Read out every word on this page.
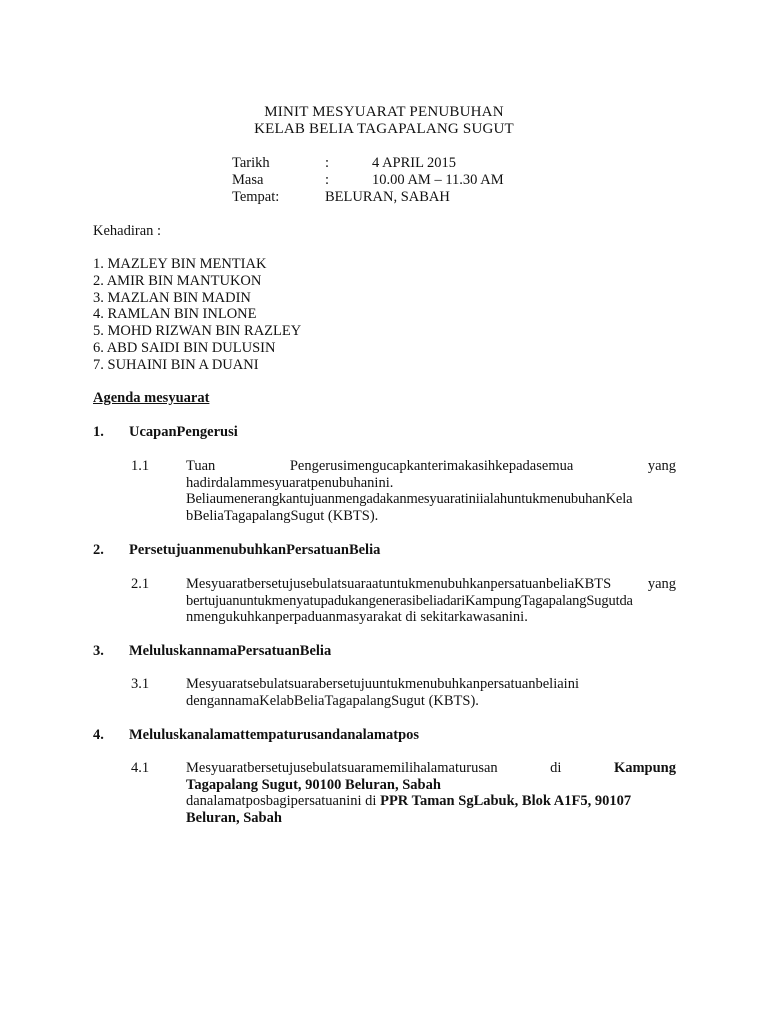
MINIT MESYUARAT PENUBUHAN
KELAB BELIA TAGAPALANG SUGUT
Tarikh	:	4 APRIL 2015
Masa	:	10.00 AM – 11.30 AM
Tempat:	BELURAN, SABAH
Kehadiran :
1. MAZLEY BIN MENTIAK
2. AMIR BIN MANTUKON
3. MAZLAN BIN MADIN
4. RAMLAN BIN INLONE
5. MOHD RIZWAN BIN RAZLEY
6. ABD SAIDI BIN DULUSIN
7. SUHAINI BIN A DUANI
Agenda mesyuarat
1. UcapanPengerusi
1.1	Tuan	Pengerusimengucapkanterimakasihkepadasemua	yang
hadirdalammesyuaratpenubuhanini.
BeliaumenerangkantujuanmengadakanmesyuaratiniialahuntukmenubuhanKela
bBeliaTagapalangSugut (KBTS).
2. PersetujuanmenubuhkanPersatuanBelia
2.1	MesyuaratbersetujusebulatsuaraatuntukmenubuhkanpersatuanbeliaKBTS	yang
bertujuanuntukmenyatupadukangenerasibeliadariKampungTagapalangSugutda
nmengukuhkanperpaduanmasyarakat di sekitarkawasanini.
3. MeluluskannamaPersatuanBelia
3.1	Mesyuaratsebulatsuarabersetujuuntukmenubuhkanpersatuanbeliaini
dengannamaKelabBeliaTagapalangSugut (KBTS).
4. Meluluskanalamattempaturusandanalamatpos
4.1	Mesyuaratbersetujusebulatsuaramemilihalamaturusan	di	Kampung
Tagapalang Sugut, 90100 Beluran, Sabah
danalamatposbagipersatuanini di PPR Taman SgLabuk, Blok A1F5, 90107
Beluran, Sabah
